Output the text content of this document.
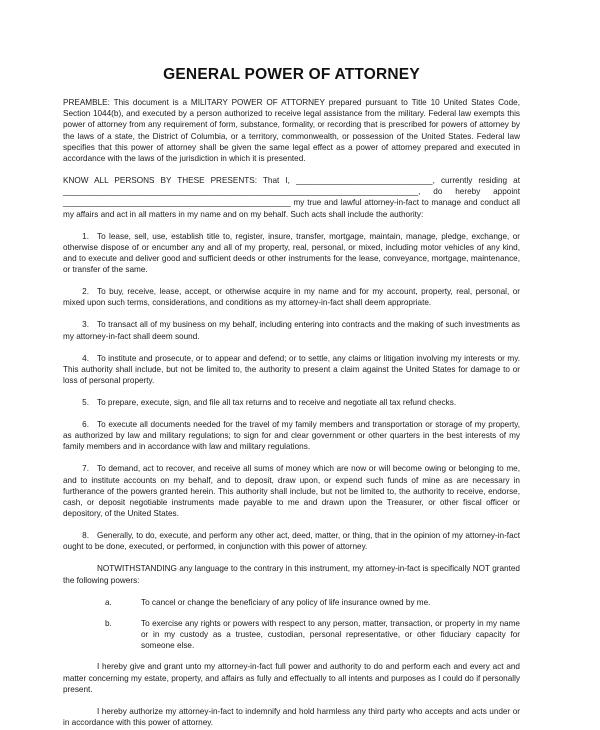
GENERAL POWER OF ATTORNEY

PREAMBLE: This document is a MILITARY POWER OF ATTORNEY prepared pursuant to Title 10 United States Code, Section 1044(b), and executed by a person authorized to receive legal assistance from the military. Federal law exempts this power of attorney from any requirement of form, substance, formality, or recording that is prescribed for powers of attorney by the laws of a state, the District of Columbia, or a territory, commonwealth, or possession of the United States. Federal law specifies that this power of attorney shall be given the same legal effect as a power of attorney prepared and executed in accordance with the laws of the jurisdiction in which it is presented.

KNOW ALL PERSONS BY THESE PRESENTS: That I, ______________________________, currently residing at ______________________________________________________________________________, do hereby appoint __________________________________________________ my true and lawful attorney-in-fact to manage and conduct all my affairs and act in all matters in my name and on my behalf. Such acts shall include the authority:

1. To lease, sell, use, establish title to, register, insure, transfer, mortgage, maintain, manage, pledge, exchange, or otherwise dispose of or encumber any and all of my property, real, personal, or mixed, including motor vehicles of any kind, and to execute and deliver good and sufficient deeds or other instruments for the lease, conveyance, mortgage, maintenance, or transfer of the same.

2. To buy, receive, lease, accept, or otherwise acquire in my name and for my account, property, real, personal, or mixed upon such terms, considerations, and conditions as my attorney-in-fact shall deem appropriate.

3. To transact all of my business on my behalf, including entering into contracts and the making of such investments as my attorney-in-fact shall deem sound.

4. To institute and prosecute, or to appear and defend; or to settle, any claims or litigation involving my interests or my. This authority shall include, but not be limited to, the authority to present a claim against the United States for damage to or loss of personal property.

5. To prepare, execute, sign, and file all tax returns and to receive and negotiate all tax refund checks.

6. To execute all documents needed for the travel of my family members and transportation or storage of my property, as authorized by law and military regulations; to sign for and clear government or other quarters in the best interests of my family members and in accordance with law and military regulations.

7. To demand, act to recover, and receive all sums of money which are now or will become owing or belonging to me, and to institute accounts on my behalf, and to deposit, draw upon, or expend such funds of mine as are necessary in furtherance of the powers granted herein. This authority shall include, but not be limited to, the authority to receive, endorse, cash, or deposit negotiable instruments made payable to me and drawn upon the Treasurer, or other fiscal officer or depository, of the United States.

8. Generally, to do, execute, and perform any other act, deed, matter, or thing, that in the opinion of my attorney-in-fact ought to be done, executed, or performed, in conjunction with this power of attorney.

NOTWITHSTANDING any language to the contrary in this instrument, my attorney-in-fact is specifically NOT granted the following powers:

a.	To cancel or change the beneficiary of any policy of life insurance owned by me.

b.	To exercise any rights or powers with respect to any person, matter, transaction, or property in my name or in my custody as a trustee, custodian, personal representative, or other fiduciary capacity for someone else.

I hereby give and grant unto my attorney-in-fact full power and authority to do and perform each and every act and matter concerning my estate, property, and affairs as fully and effectually to all intents and purposes as I could do if personally present.

I hereby authorize my attorney-in-fact to indemnify and hold harmless any third party who accepts and acts under or in accordance with this power of attorney.
